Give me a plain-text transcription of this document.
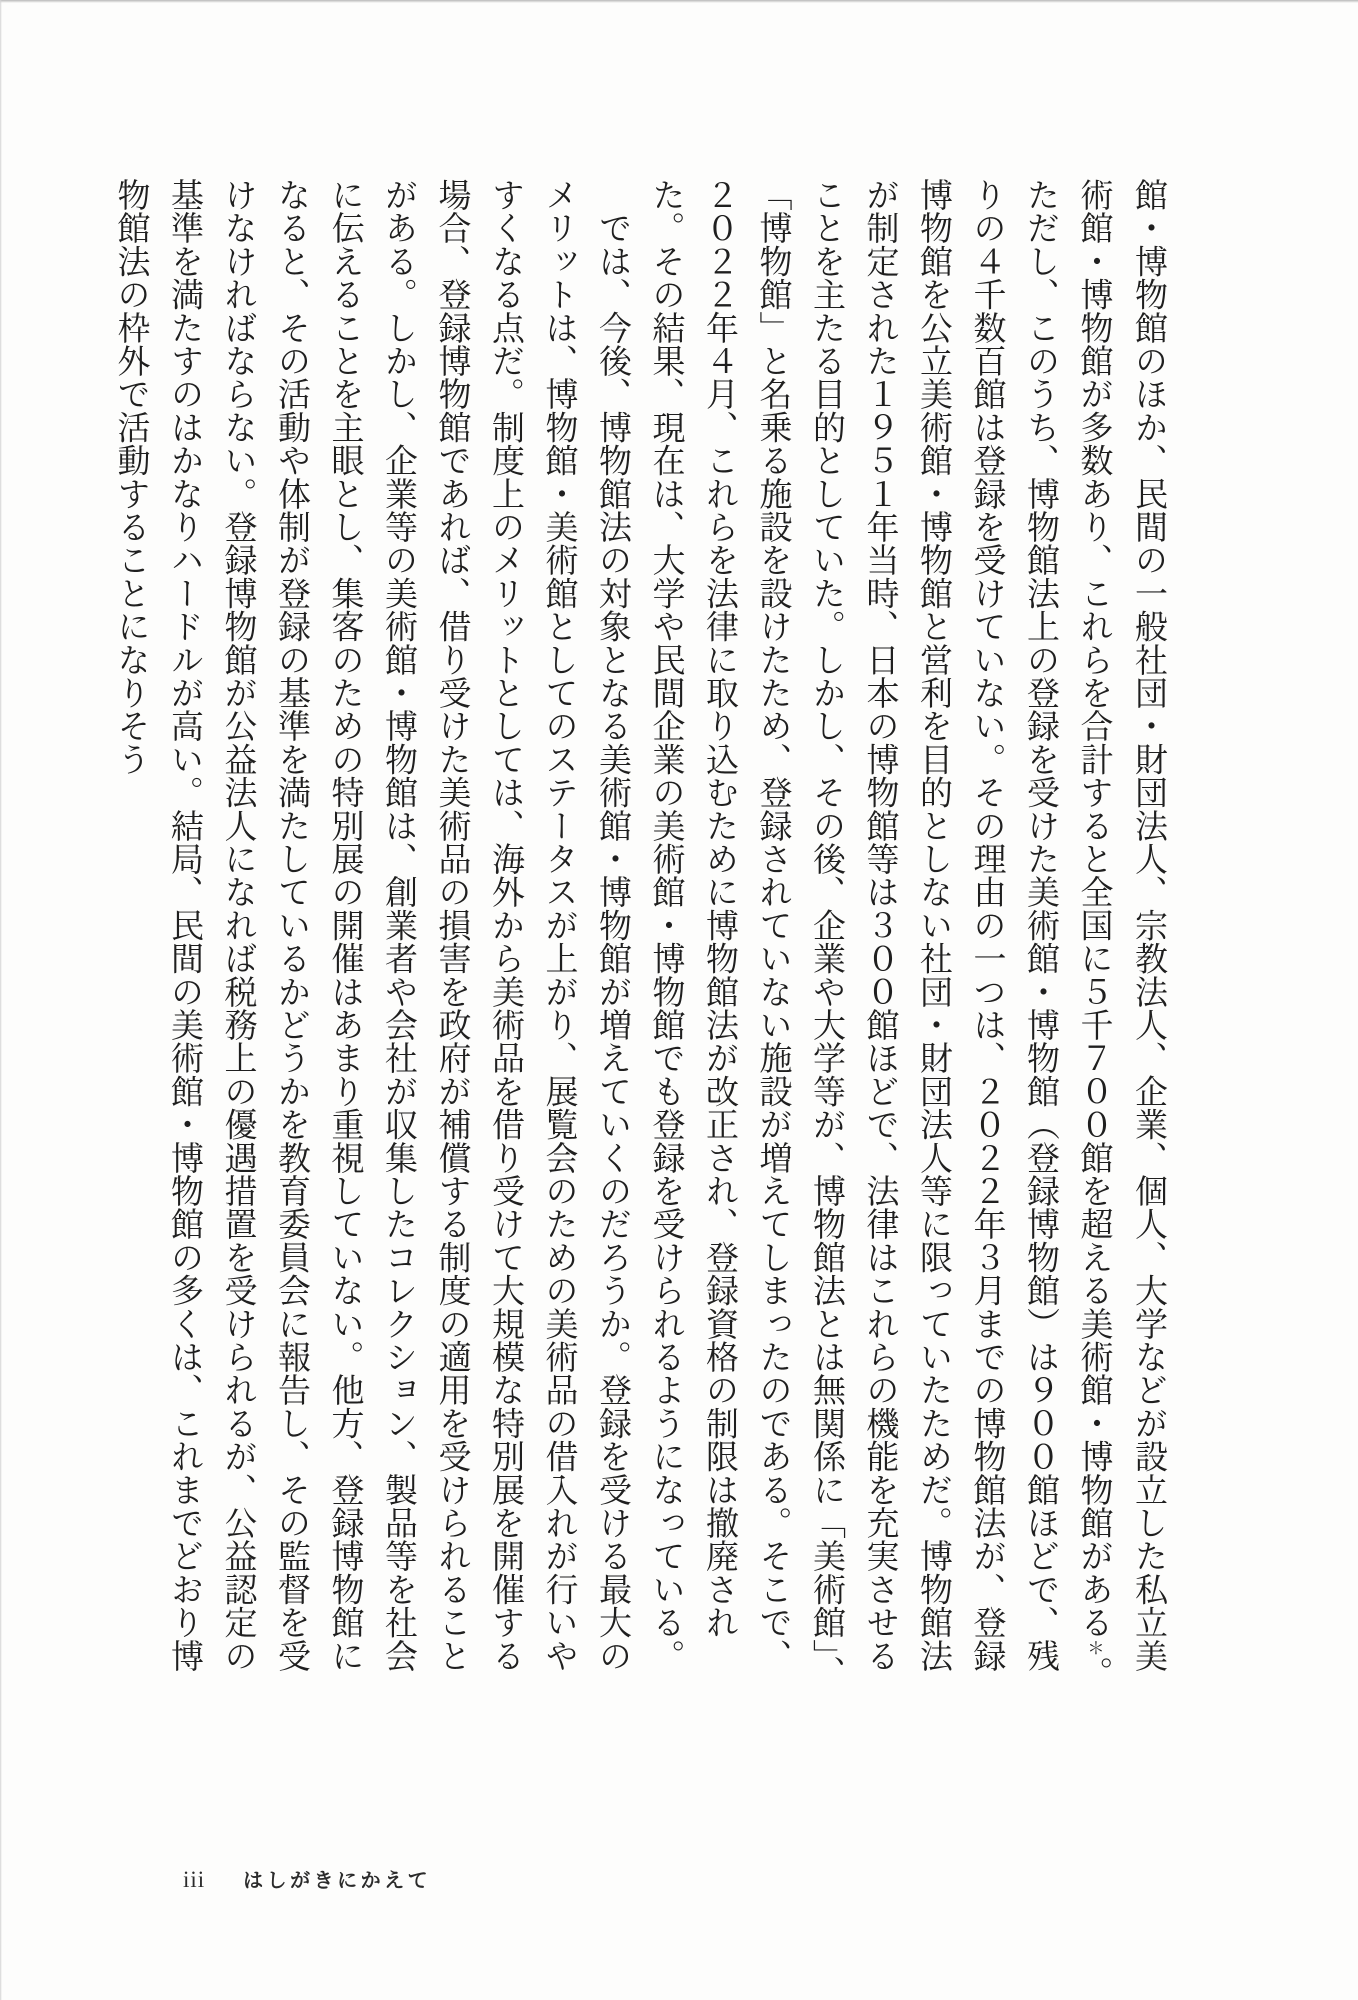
館・博物館のほか、民間の一般社団・財団法人、宗教法人、企業、個人、大学などが設立した私立美術館・博物館が多数あり、これらを合計すると全国に５千７００館を超える美術館・博物館がある＊。ただし、このうち、博物館法上の登録を受けた美術館・博物館（登録博物館）は９００館ほどで、残りの４千数百館は登録を受けていない。その理由の一つは、２０２２年３月までの博物館法が、登録博物館を公立美術館・博物館と営利を目的としない社団・財団法人等に限っていたためだ。博物館法が制定された１９５１年当時、日本の博物館等は３００館ほどで、法律はこれらの機能を充実させることを主たる目的としていた。しかし、その後、企業や大学等が、博物館法とは無関係に「美術館」、「博物館」と名乗る施設を設けたため、登録されていない施設が増えてしまったのである。そこで、２０２２年４月、これらを法律に取り込むために博物館法が改正され、登録資格の制限は撤廃された。その結果、現在は、大学や民間企業の美術館・博物館でも登録を受けられるようになっている。

　では、今後、博物館法の対象となる美術館・博物館が増えていくのだろうか。登録を受ける最大のメリットは、博物館・美術館としてのステータスが上がり、展覧会のための美術品の借入れが行いやすくなる点だ。制度上のメリットとしては、海外から美術品を借り受けて大規模な特別展を開催する場合、登録博物館であれば、借り受けた美術品の損害を政府が補償する制度の適用を受けられることがある。しかし、企業等の美術館・博物館は、創業者や会社が収集したコレクション、製品等を社会に伝えることを主眼とし、集客のための特別展の開催はあまり重視していない。他方、登録博物館になると、その活動や体制が登録の基準を満たしているかどうかを教育委員会に報告し、その監督を受けなければならない。登録博物館が公益法人になれば税務上の優遇措置を受けられるが、公益認定の基準を満たすのはかなりハードルが高い。結局、民間の美術館・博物館の多くは、これまでどおり博物館法の枠外で活動することになりそう

iii はしがきにかえて
